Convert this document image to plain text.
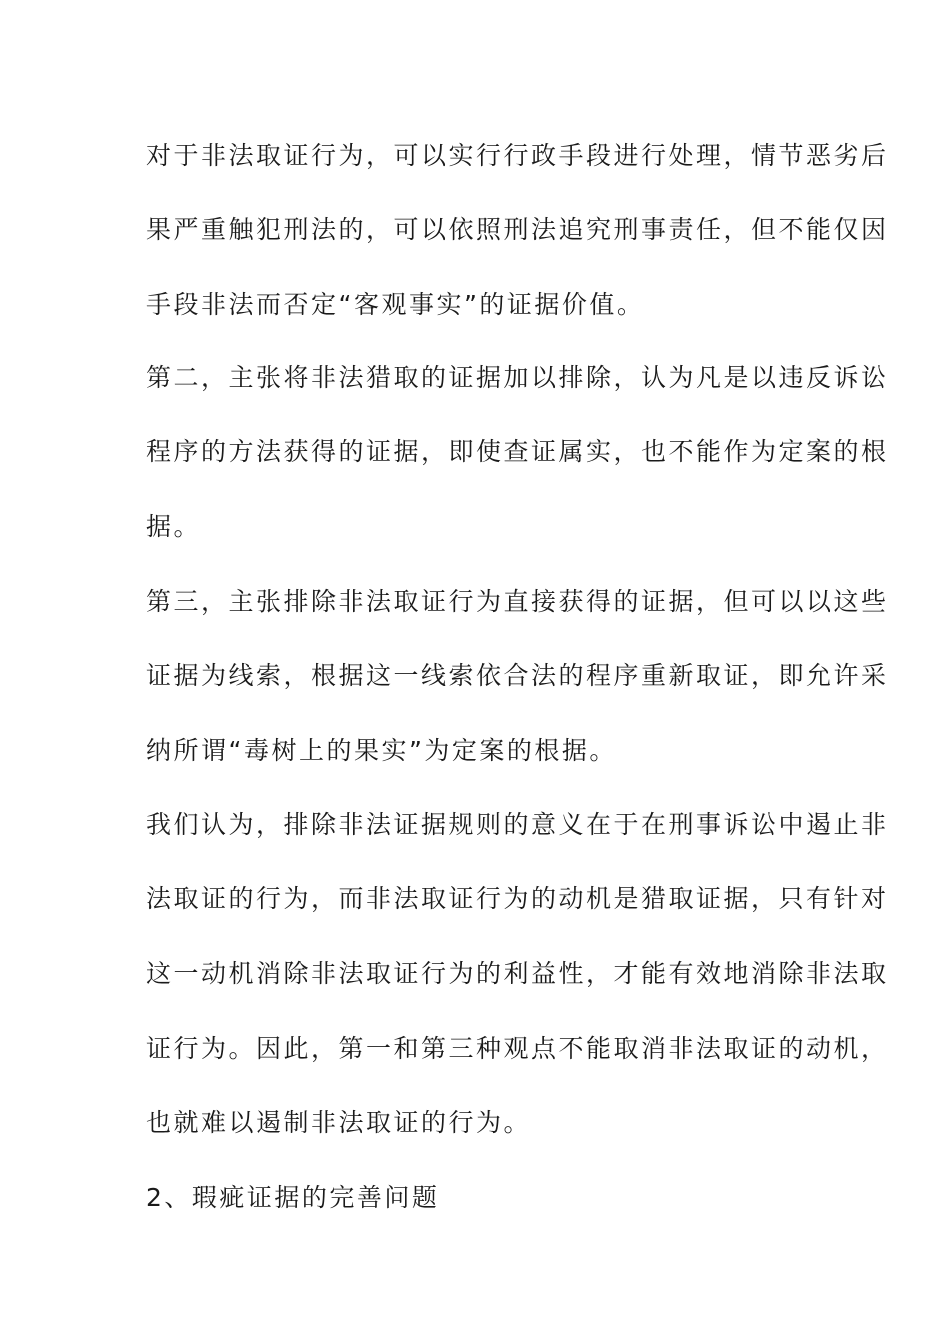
对于非法取证行为，可以实行行政手段进行处理，情节恶劣后

果严重触犯刑法的，可以依照刑法追究刑事责任，但不能仅因

手段非法而否定“客观事实”的证据价值。

第二，主张将非法猎取的证据加以排除，认为凡是以违反诉讼

程序的方法获得的证据，即使查证属实，也不能作为定案的根

据。

第三，主张排除非法取证行为直接获得的证据，但可以以这些

证据为线索，根据这一线索依合法的程序重新取证，即允许采

纳所谓“毒树上的果实”为定案的根据。

我们认为，排除非法证据规则的意义在于在刑事诉讼中遏止非

法取证的行为，而非法取证行为的动机是猎取证据，只有针对

这一动机消除非法取证行为的利益性，才能有效地消除非法取

证行为。因此，第一和第三种观点不能取消非法取证的动机，

也就难以遏制非法取证的行为。

2、瑕疵证据的完善问题
